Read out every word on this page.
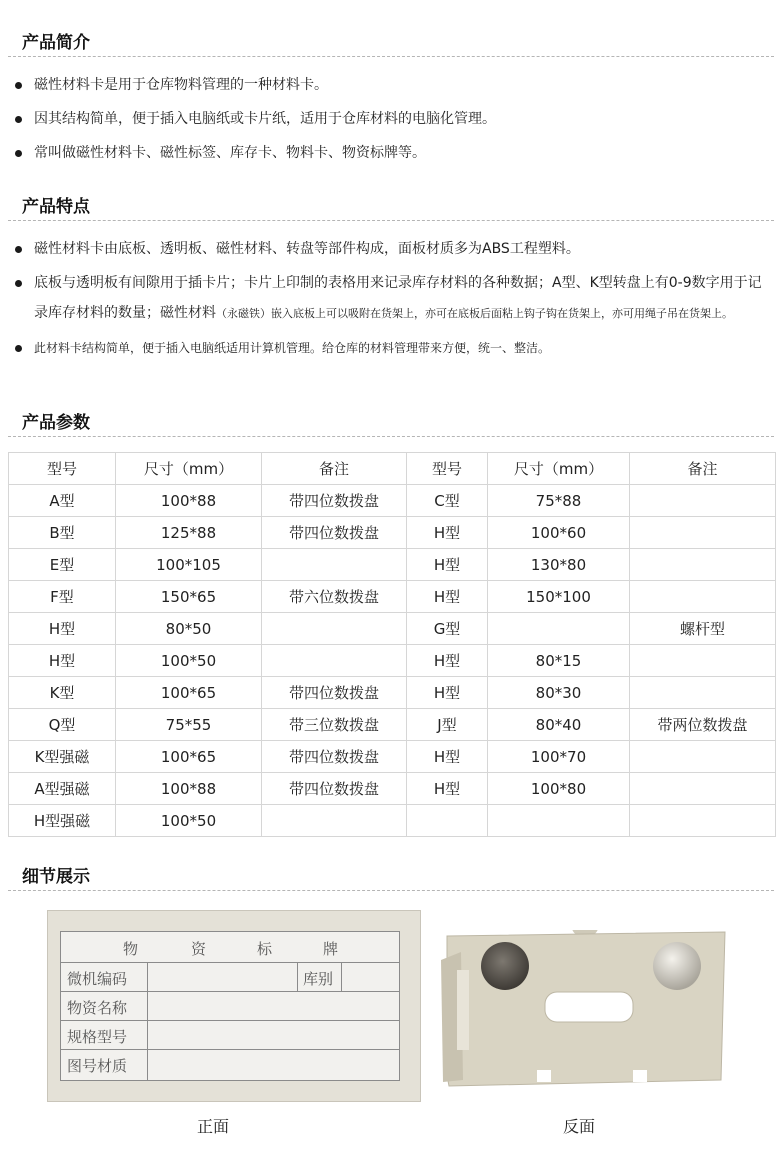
产品简介
磁性材料卡是用于仓库物料管理的一种材料卡。
因其结构简单，便于插入电脑纸或卡片纸，适用于仓库材料的电脑化管理。
常叫做磁性材料卡、磁性标签、库存卡、物料卡、物资标牌等。
产品特点
磁性材料卡由底板、透明板、磁性材料、转盘等部件构成，面板材质多为ABS工程塑料。
底板与透明板有间隙用于插卡片；卡片上印制的表格用来记录库存材料的各种数据；A型、K型转盘上有0-9数字用于记录库存材料的数量；磁性材料（永磁铁）嵌入底板上可以吸附在货架上，亦可在底板后面粘上钩子钩在货架上，亦可用绳子吊在货架上。
此材料卡结构简单，便于插入电脑纸适用计算机管理。给仓库的材料管理带来方便，统一、整洁。
产品参数
型号	尺寸（mm）	备注	型号	尺寸（mm）	备注
A型	100*88	带四位数拨盘	C型	75*88	
B型	125*88	带四位数拨盘	H型	100*60	
E型	100*105		H型	130*80	
F型	150*65	带六位数拨盘	H型	150*100	
H型	80*50		G型		螺杆型
H型	100*50		H型	80*15	
K型	100*65	带四位数拨盘	H型	80*30	
Q型	75*55	带三位数拨盘	J型	80*40	带两位数拨盘
K型强磁	100*65	带四位数拨盘	H型	100*70	
A型强磁	100*88	带四位数拨盘	H型	100*80	
H型强磁	100*50				
细节展示
物	资	标	牌
微机编码	库别
物资名称
规格型号
图号材质
正面	反面
